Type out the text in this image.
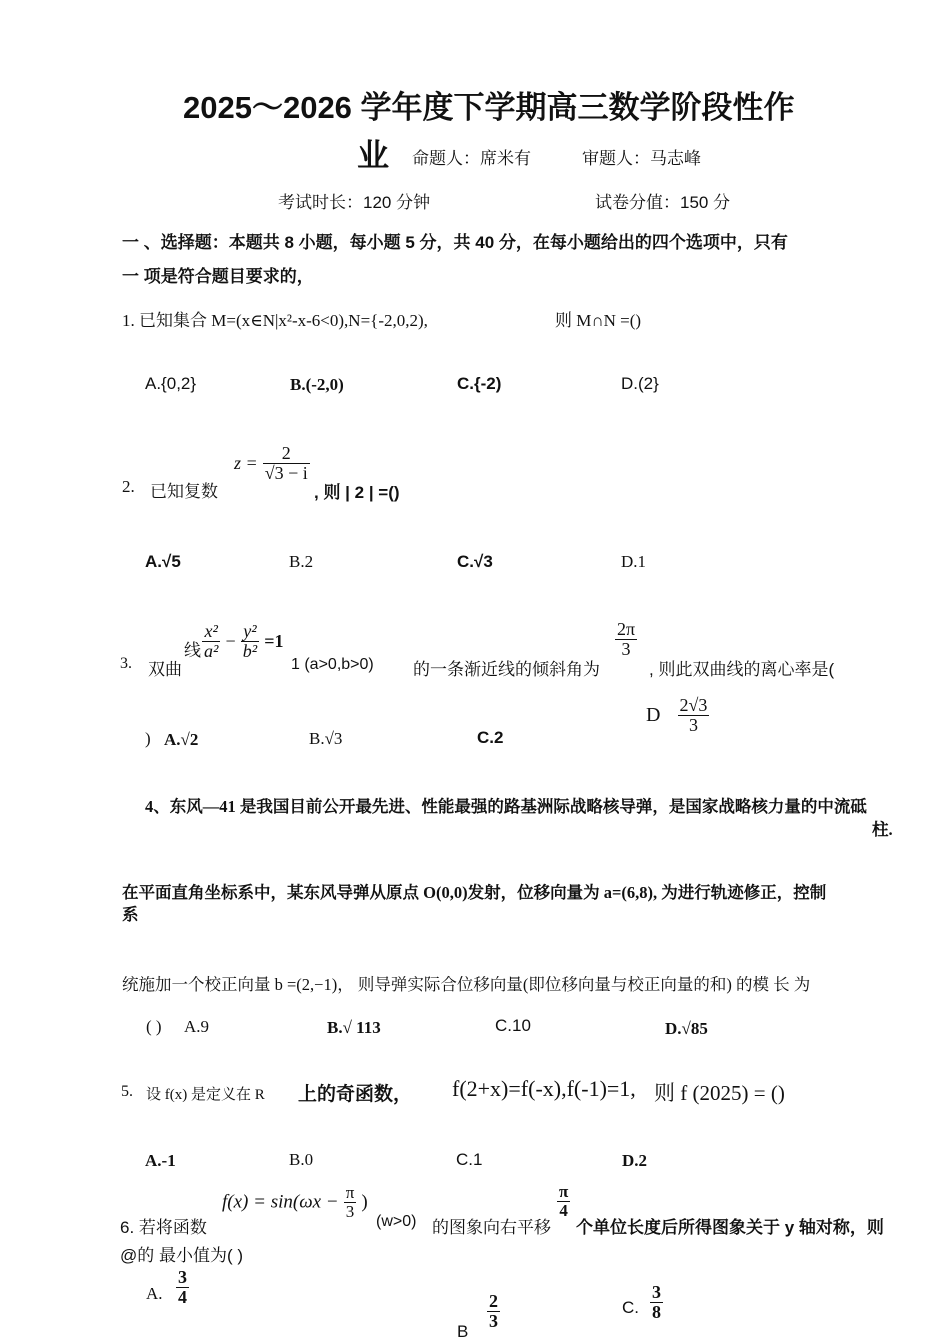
2025～2026 学年度下学期高三数学阶段性作
业 命题人：席米有	审题人：马志峰
考试时长：120 分钟	试卷分值：150 分
一 、选择题：本题共 8 小题，每小题 5 分，共 40 分，在每小题给出的四个选项中，只有
一 项是符合题目要求的，
1. 已知集合 M=(x∈N|x²-x-6<0),N={-2,0,2),	则 M∩N =()
A.{0,2}	B.(-2,0)	C.{-2)	D.(2}
2. 已知复数
$z = \frac{2}{√3 - i}$
, 则 | 2 | =()
A.√5	B.2	C.√3	D.1
3. 双曲
线 $\frac{\text{x²}}{\text{a²}} - \frac{\text{y²}}{\text{b²}} =1$
1 (a>0,b>0) 的一条渐近线的倾斜角为
$\frac{2\pi}{3}$
, 则此双曲线的离心率是(
) A.√2	B.√3	C.2
D $\frac{2√3}{3}$
4、东风—41 是我国目前公开最先进、性能最强的路基洲际战略核导弹，是国家战略核力量的中流砥
柱.
在平面直角坐标系中，某东风导弹从原点 O(0,0)发射，位移向量为 a=(6,8), 为进行轨迹修正，控制
系
统施加一个校正向量 b =(2,−1)， 则导弹实际合位移向量(即位移向量与校正向量的和) 的模 长 为
( ) A.9	B.√ 113	C.10	D.√85
5. 设 f(x) 是定义在 R 上的奇函数， f(2+x)=f(-x),f(-1)=1, 则 f (2025) = ()
A.-1	B.0	C.1	D.2
6. 若将函数
$f(x) = \sin(\omega x - \frac{\pi}{3}$ )
(w>0) 的图象向右平移
$\frac{\pi}{4}$
个单位长度后所得图象关于 y 轴对称，则
@的 最小值为( )
A. $\frac{3}{4}$
B
$\frac{2}{3}$	C. $\frac{3}{8}$
